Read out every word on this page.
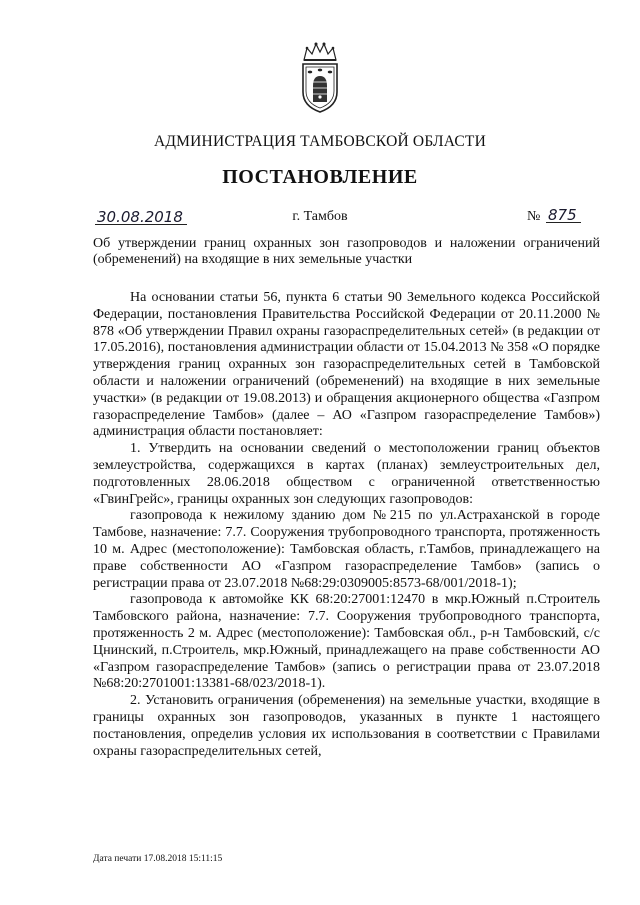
АДМИНИСТРАЦИЯ ТАМБОВСКОЙ ОБЛАСТИ
ПОСТАНОВЛЕНИЕ
30.08.2018	г. Тамбов	№ 875
Об утверждении границ охранных зон газопроводов и наложении ограничений (обременений) на входящие в них земельные участки

На основании статьи 56, пункта 6 статьи 90 Земельного кодекса Российской Федерации, постановления Правительства Российской Федерации от 20.11.2000 № 878 «Об утверждении Правил охраны газораспределительных сетей» (в редакции от 17.05.2016), постановления администрации области от 15.04.2013 № 358 «О порядке утверждения границ охранных зон газораспределительных сетей в Тамбовской области и наложении ограничений (обременений) на входящие в них земельные участки» (в редакции от 19.08.2013) и обращения акционерного общества «Газпром газораспределение Тамбов» (далее – АО «Газпром газораспределение Тамбов») администрация области постановляет:

1. Утвердить на основании сведений о местоположении границ объектов землеустройства, содержащихся в картах (планах) землеустроительных дел, подготовленных 28.06.2018 обществом с ограниченной ответственностью «ГвинГрейс», границы охранных зон следующих газопроводов:

газопровода к нежилому зданию дом №215 по ул.Астраханской в городе Тамбове, назначение: 7.7. Сооружения трубопроводного транспорта, протяженность 10 м. Адрес (местоположение): Тамбовская область, г.Тамбов, принадлежащего на праве собственности АО «Газпром газораспределение Тамбов» (запись о регистрации права от 23.07.2018 №68:29:0309005:8573-68/001/2018-1);

газопровода к автомойке КК 68:20:27001:12470 в мкр.Южный п.Строитель Тамбовского района, назначение: 7.7. Сооружения трубопроводного транспорта, протяженность 2 м. Адрес (местоположение): Тамбовская обл., р-н Тамбовский, с/с Цнинский, п.Строитель, мкр.Южный, принадлежащего на праве собственности АО «Газпром газораспределение Тамбов» (запись о регистрации права от 23.07.2018 №68:20:2701001:13381-68/023/2018-1).

2. Установить ограничения (обременения) на земельные участки, входящие в границы охранных зон газопроводов, указанных в пункте 1 настоящего постановления, определив условия их использования в соответствии с Правилами охраны газораспределительных сетей,

Дата печати 17.08.2018 15:11:15
